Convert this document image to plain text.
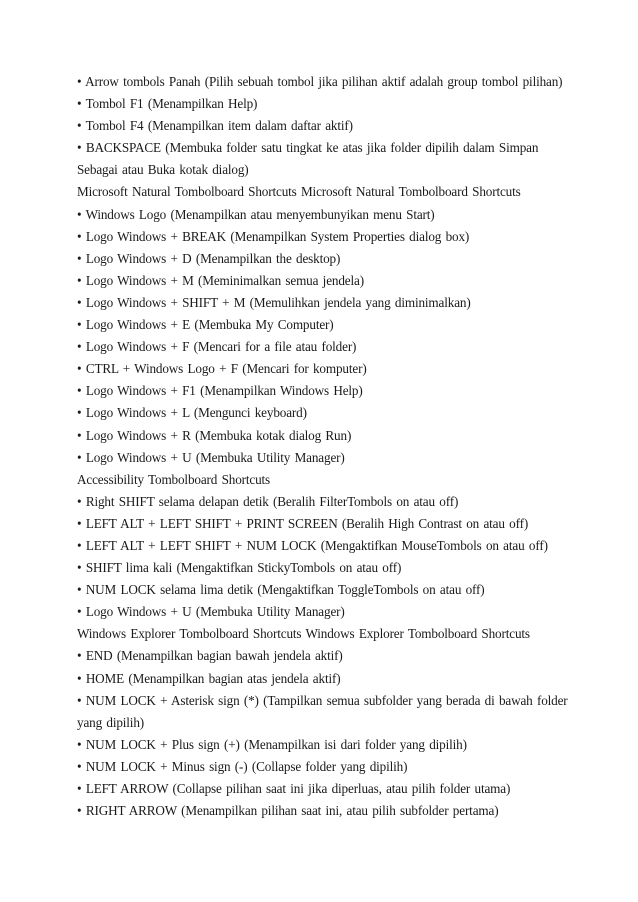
• Arrow tombols Panah (Pilih sebuah tombol jika pilihan aktif adalah group tombol pilihan)
• Tombol F1 (Menampilkan Help)
• Tombol F4 (Menampilkan item dalam daftar aktif)
• BACKSPACE (Membuka folder satu tingkat ke atas jika folder dipilih dalam Simpan
Sebagai atau Buka kotak dialog)
Microsoft Natural Tombolboard Shortcuts Microsoft Natural Tombolboard Shortcuts
• Windows Logo (Menampilkan atau menyembunyikan menu Start)
• Logo Windows + BREAK (Menampilkan System Properties dialog box)
• Logo Windows + D (Menampilkan the desktop)
• Logo Windows + M (Meminimalkan semua jendela)
• Logo Windows + SHIFT + M (Memulihkan jendela yang diminimalkan)
• Logo Windows + E (Membuka My Computer)
• Logo Windows + F (Mencari for a file atau folder)
• CTRL + Windows Logo + F (Mencari for komputer)
• Logo Windows + F1 (Menampilkan Windows Help)
• Logo Windows + L (Mengunci keyboard)
• Logo Windows + R (Membuka kotak dialog Run)
• Logo Windows + U (Membuka Utility Manager)
Accessibility Tombolboard Shortcuts
• Right SHIFT selama delapan detik (Beralih FilterTombols on atau off)
• LEFT ALT + LEFT SHIFT + PRINT SCREEN (Beralih High Contrast on atau off)
• LEFT ALT + LEFT SHIFT + NUM LOCK (Mengaktifkan MouseTombols on atau off)
• SHIFT lima kali (Mengaktifkan StickyTombols on atau off)
• NUM LOCK selama lima detik (Mengaktifkan ToggleTombols on atau off)
• Logo Windows + U (Membuka Utility Manager)
Windows Explorer Tombolboard Shortcuts Windows Explorer Tombolboard Shortcuts
• END (Menampilkan bagian bawah jendela aktif)
• HOME (Menampilkan bagian atas jendela aktif)
• NUM LOCK + Asterisk sign (*) (Tampilkan semua subfolder yang berada di bawah folder
yang dipilih)
• NUM LOCK + Plus sign (+) (Menampilkan isi dari folder yang dipilih)
• NUM LOCK + Minus sign (-) (Collapse folder yang dipilih)
• LEFT ARROW (Collapse pilihan saat ini jika diperluas, atau pilih folder utama)
• RIGHT ARROW (Menampilkan pilihan saat ini, atau pilih subfolder pertama)
